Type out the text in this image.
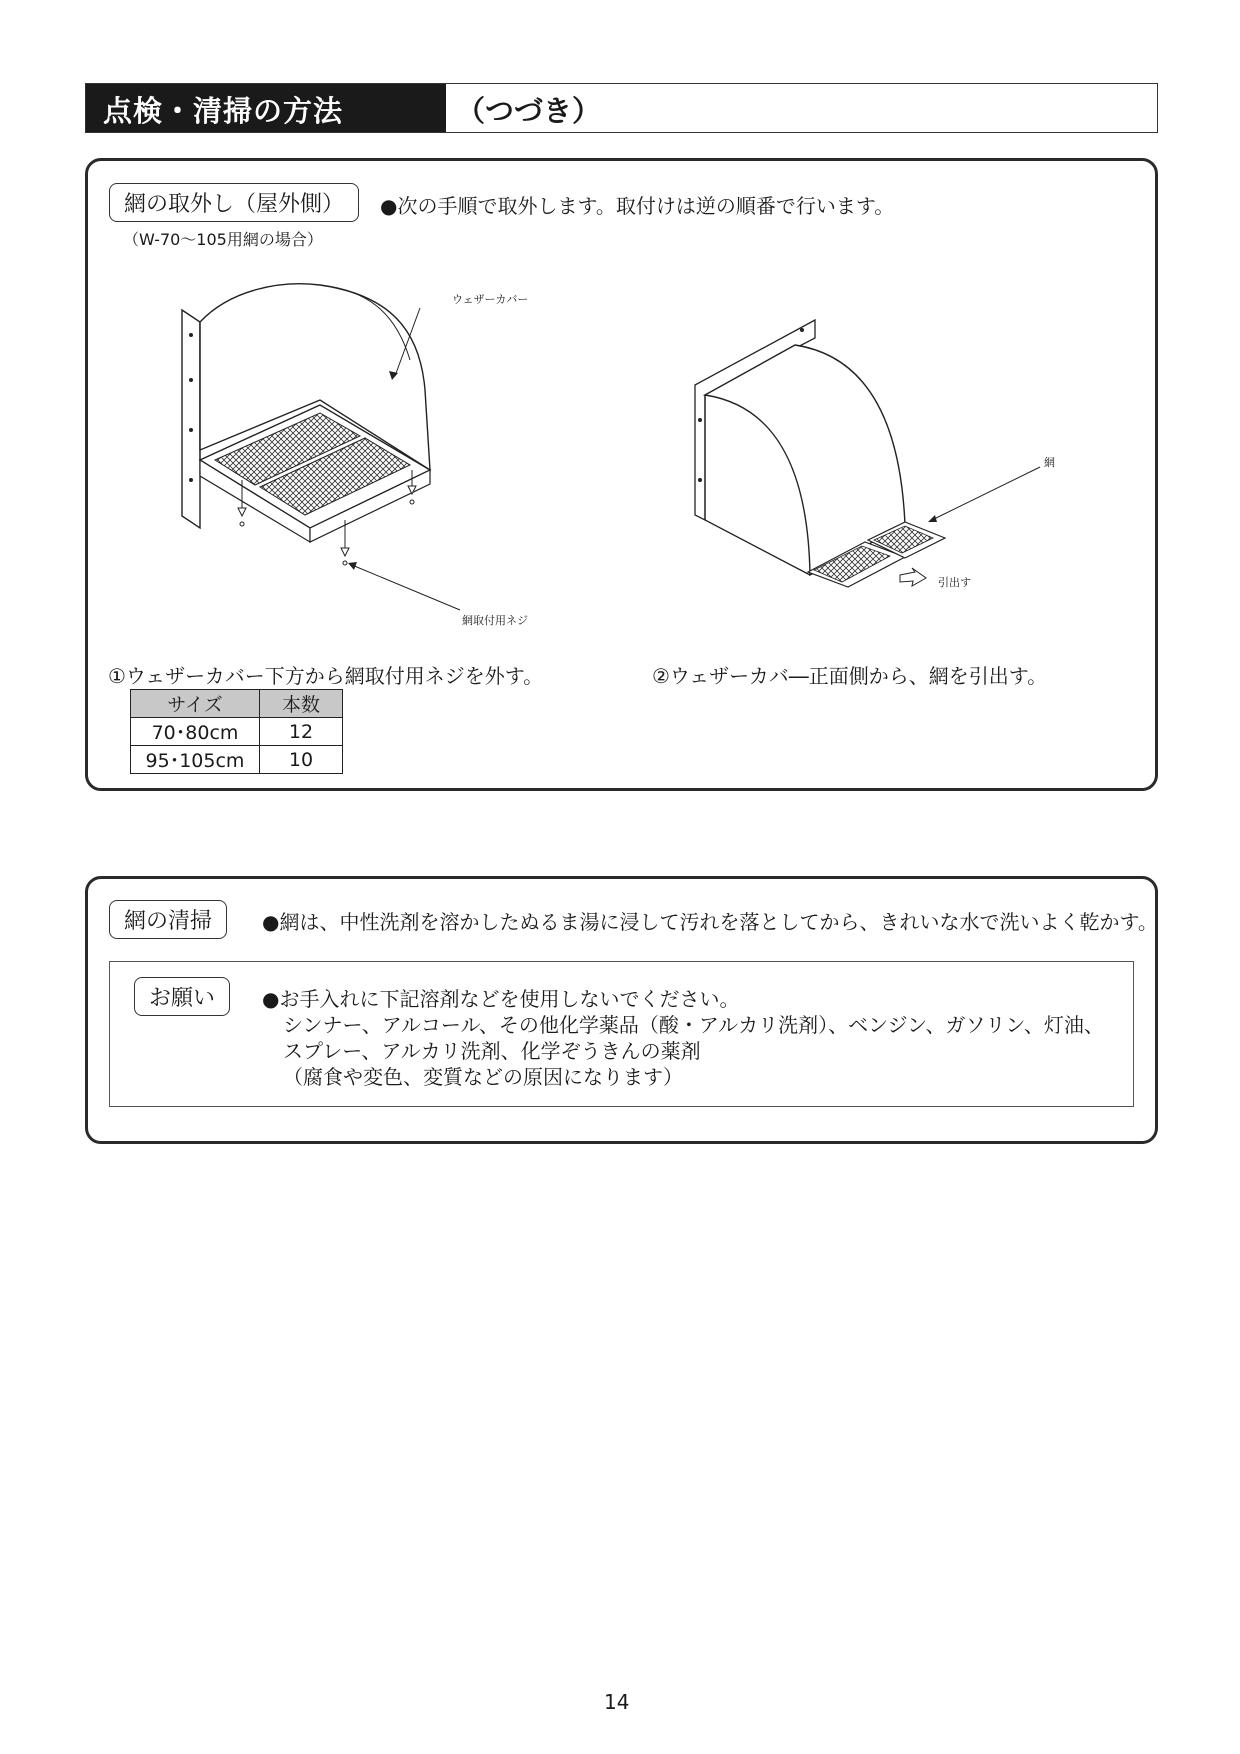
点検・清掃の方法	（つづき）
網の取外し（屋外側）	●次の手順で取外します。取付けは逆の順番で行います。
（W-70～105用網の場合）
ウェザーカバー
網取付用ネジ
網
引出す
①ウェザーカバー下方から網取付用ネジを外す。	②ウェザーカバ―正面側から、網を引出す。
サイズ	本数
70･80cm	12
95･105cm	10
網の清掃	●網は、中性洗剤を溶かしたぬるま湯に浸して汚れを落としてから、きれいな水で洗いよく乾かす。
お願い	●お手入れに下記溶剤などを使用しないでください。
シンナー、アルコール、その他化学薬品（酸・アルカリ洗剤）、ベンジン、ガソリン、灯油、
スプレー、アルカリ洗剤、化学ぞうきんの薬剤
（腐食や変色、変質などの原因になります）
14
